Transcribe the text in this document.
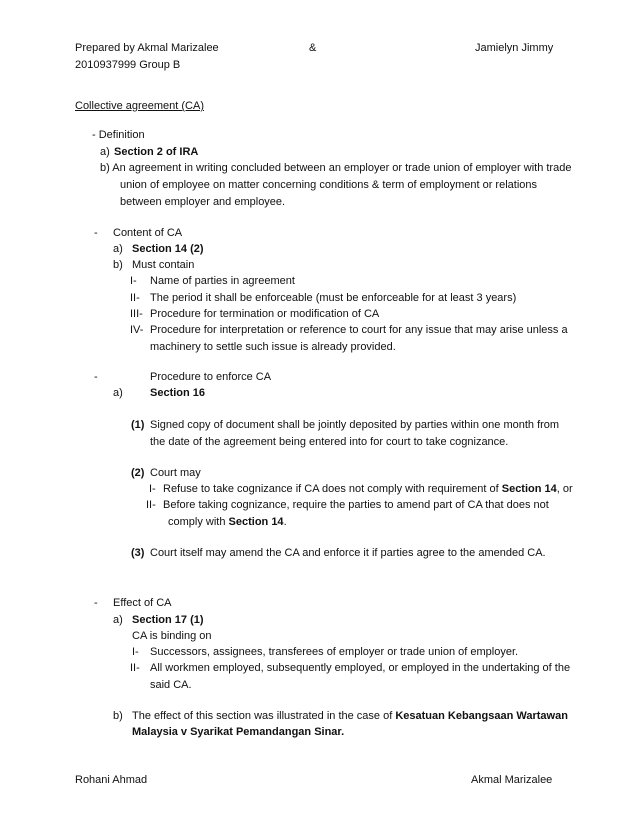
Prepared by Akmal Marizalee	&	Jamielyn Jimmy
2010937999 Group B
Collective agreement (CA)
- Definition
a) Section 2 of IRA
b) An agreement in writing concluded between an employer or trade union of employer with trade
union of employee on matter concerning conditions & term of employment or relations
between employer and employee.
- Content of CA
a) Section 14 (2)
b) Must contain
I- Name of parties in agreement
II- The period it shall be enforceable (must be enforceable for at least 3 years)
III- Procedure for termination or modification of CA
IV- Procedure for interpretation or reference to court for any issue that may arise unless a
machinery to settle such issue is already provided.
-	Procedure to enforce CA
a) Section 16
(1) Signed copy of document shall be jointly deposited by parties within one month from
the date of the agreement being entered into for court to take cognizance.
(2) Court may
I- Refuse to take cognizance if CA does not comply with requirement of Section 14, or
II- Before taking cognizance, require the parties to amend part of CA that does not
comply with Section 14.
(3) Court itself may amend the CA and enforce it if parties agree to the amended CA.
- Effect of CA
a) Section 17 (1)
CA is binding on
I- Successors, assignees, transferees of employer or trade union of employer.
II- All workmen employed, subsequently employed, or employed in the undertaking of the
said CA.
b) The effect of this section was illustrated in the case of Kesatuan Kebangsaan Wartawan
Malaysia v Syarikat Pemandangan Sinar.
Rohani Ahmad	Akmal Marizalee
